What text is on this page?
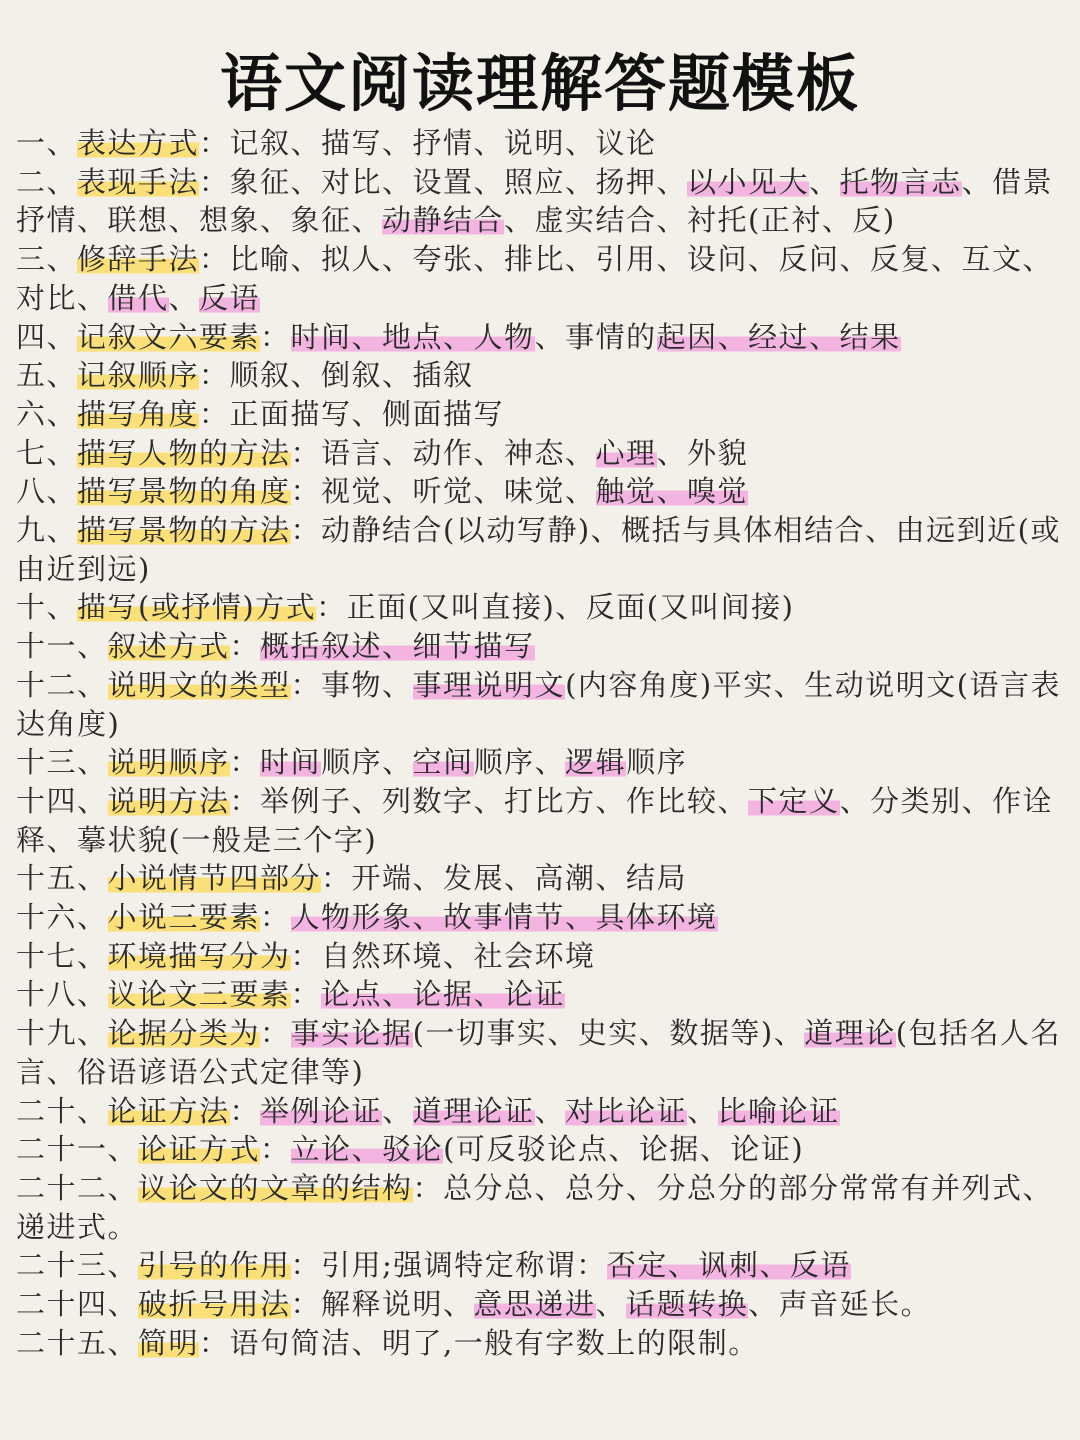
语文阅读理解答题模板
一、表达方式：记叙、描写、抒情、说明、议论
二、表现手法：象征、对比、设置、照应、扬押、以小见大、托物言志、借景抒情、联想、想象、象征、动静结合、虚实结合、衬托(正衬、反)
三、修辞手法：比喻、拟人、夸张、排比、引用、设问、反问、反复、互文、对比、借代、反语
四、记叙文六要素：时间、地点、人物、事情的起因、经过、结果
五、记叙顺序：顺叙、倒叙、插叙
六、描写角度：正面描写、侧面描写
七、描写人物的方法：语言、动作、神态、心理、外貌
八、描写景物的角度：视觉、听觉、味觉、触觉、嗅觉
九、描写景物的方法：动静结合(以动写静)、概括与具体相结合、由远到近(或由近到远)
十、描写(或抒情)方式：正面(又叫直接)、反面(又叫间接)
十一、叙述方式：概括叙述、细节描写
十二、说明文的类型：事物、事理说明文(内容角度)平实、生动说明文(语言表达角度)
十三、说明顺序：时间顺序、空间顺序、逻辑顺序
十四、说明方法：举例子、列数字、打比方、作比较、下定义、分类别、作诠释、摹状貌(一般是三个字)
十五、小说情节四部分：开端、发展、高潮、结局
十六、小说三要素：人物形象、故事情节、具体环境
十七、环境描写分为：自然环境、社会环境
十八、议论文三要素：论点、论据、论证
十九、论据分类为：事实论据(一切事实、史实、数据等)、道理论(包括名人名言、俗语谚语公式定律等)
二十、论证方法：举例论证、道理论证、对比论证、比喻论证
二十一、论证方式：立论、驳论(可反驳论点、论据、论证)
二十二、议论文的文章的结构：总分总、总分、分总分的部分常常有并列式、递进式。
二十三、引号的作用：引用;强调特定称谓：否定、讽刺、反语
二十四、破折号用法：解释说明、意思递进、话题转换、声音延长。
二十五、简明：语句简洁、明了,一般有字数上的限制。
